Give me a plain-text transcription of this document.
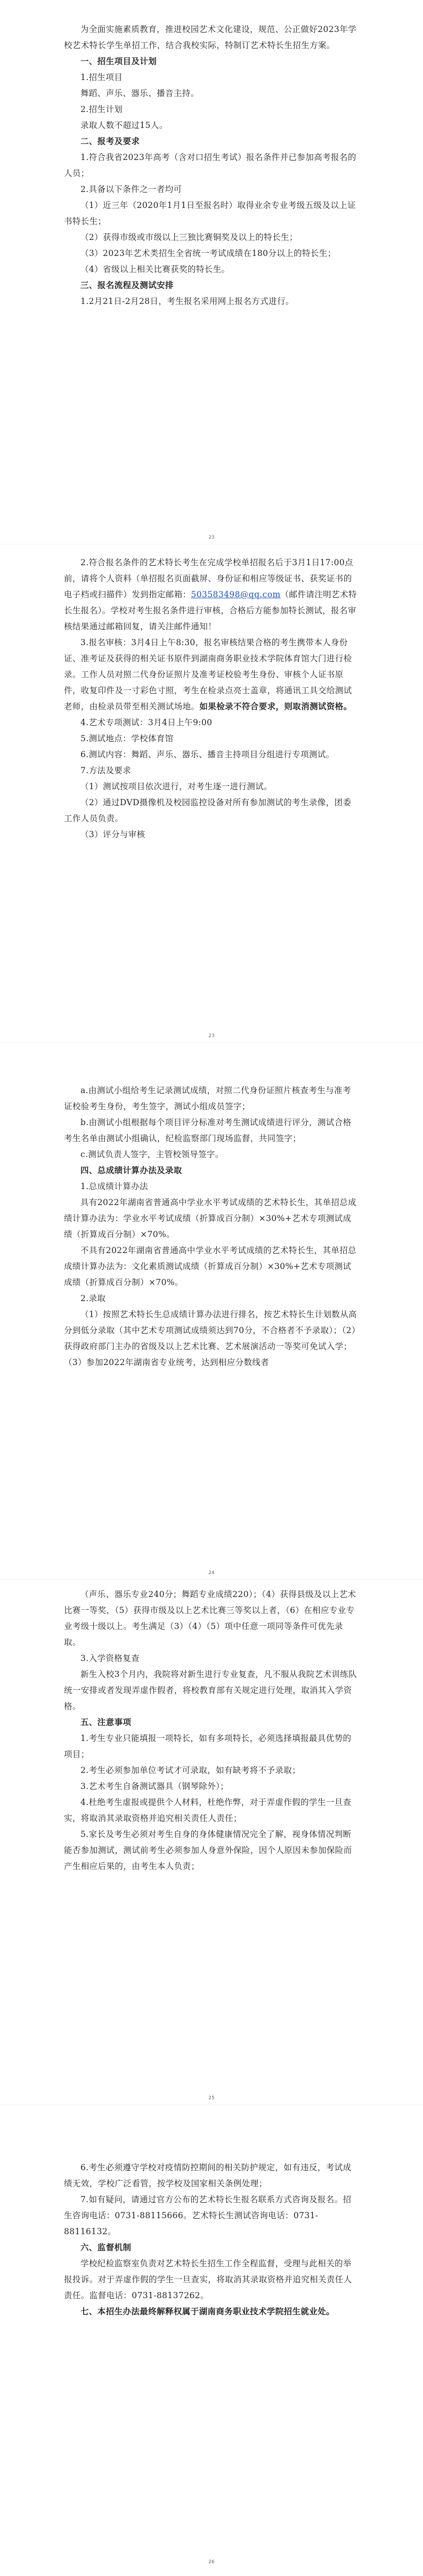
为全面实施素质教育，推进校园艺术文化建设，规范、公正做好2023年学校艺术特长学生单招工作，结合我校实际，特制订艺术特长生招生方案。

一、招生项目及计划

1.招生项目

舞蹈、声乐、器乐、播音主持。

2.招生计划

录取人数不超过15人。

二、报考及要求

1.符合我省2023年高考（含对口招生考试）报名条件并已参加高考报名的人员；

2.具备以下条件之一者均可

（1）近三年（2020年1月1日至报名时）取得业余专业考级五级及以上证书特长生；

（2）获得市级或市级以上三独比赛铜奖及以上的特长生；

（3）2023年艺术类招生全省统一考试成绩在180分以上的特长生；

（4）省级以上相关比赛获奖的特长生。

三、报名流程及测试安排

1.2月21日-2月28日，考生报名采用网上报名方式进行。

23

2.符合报名条件的艺术特长考生在完成学校单招报名后于3月1日17:00点前，请将个人资料（单招报名页面截屏、身份证和相应等级证书、获奖证书的电子档或扫描件）发到指定邮箱：503583498@qq.com（邮件请注明艺术特长生报名）。学校对考生报名条件进行审核，合格后方能参加特长测试，报名审核结果通过邮箱回复，请关注邮件通知！

3.报名审核：3月4日上午8:30，报名审核结果合格的考生携带本人身份证、准考证及获得的相关证书原件到湖南商务职业技术学院体育馆大门进行检录。工作人员对照二代身份证照片及准考证校验考生身份、审核个人证书原件，收复印件及一寸彩色寸照，考生在检录点亮士盖章，将通讯工具交给测试老师，由检录员带至相关测试场地。如果检录不符合要求，则取消测试资格。

4.艺术专项测试：3月4日上午9:00

5.测试地点：学校体育馆

6.测试内容：舞蹈、声乐、器乐、播音主持项目分组进行专项测试。

7.方法及要求

（1）测试按项目依次进行，对考生逐一进行测试。

（2）通过DVD摄像机及校园监控设备对所有参加测试的考生录像，团委工作人员负责。

（3）评分与审核

23

a.由测试小组给考生记录测试成绩，对照二代身份证照片核查考生与准考证校验考生身份，考生签字，测试小组成员签字；

b.由测试小组根据每个项目评分标准对考生测试成绩进行评分，测试合格考生名单由测试小组确认，纪检监察部门现场监督，共同签字；

c.测试负责人签字，主管校领导签字。

四、总成绩计算办法及录取

1.总成绩计算办法

具有2022年湖南省普通高中学业水平考试成绩的艺术特长生，其单招总成绩计算办法为：学业水平考试成绩（折算成百分制）×30%+艺术专项测试成绩（折算成百分制）×70%。

不具有2022年湖南省普通高中学业水平考试成绩的艺术特长生，其单招总成绩计算办法为：文化素质测试成绩（折算成百分制）×30%+艺术专项测试成绩（折算成百分制）×70%。

2.录取

（1）按照艺术特长生总成绩计算办法进行排名，按艺术特长生计划数从高分到低分录取（其中艺术专项测试成绩须达到70分，不合格者不予录取）；（2）获得政府部门主办的省级及以上艺术比赛、艺术展演活动一等奖可免试入学；（3）参加2022年湖南省专业统考，达到相应分数线者

24

（声乐、器乐专业240分；舞蹈专业成绩220）；（4）获得县级及以上艺术比赛一等奖，（5）获得市级及以上艺术比赛三等奖以上者，（6）在相应专业专业考级十级以上。考生满足（3）（4）（5）项中任意一项同等条件可优先录取。

3.入学资格复查

新生入校3个月内，我院将对新生进行专业复查，凡不服从我院艺术训练队统一安排或者发现弄虚作假者，将校教育部有关规定进行处理，取消其入学资格。

五、注意事项

1.考生专业只能填报一项特长，如有多项特长，必须选择填报最具优势的项目；

2.考生必须参加单位考试才可录取，如有缺考将不予录取；

3.艺术考生自备测试器具（钢琴除外）；

4.杜绝考生虚报或提供个人材料，杜绝作弊，对于弄虚作假的学生一旦查实，将取消其录取资格并追究相关责任人责任；

5.家长及考生必须对考生自身的身体健康情况完全了解，视身体情况判断能否参加测试，测试前考生必须参加人身意外保险，因个人原因未参加保险而产生相应后果的，由考生本人负责；

25

6.考生必须遵守学校对疫情防控期间的相关防护规定，如有违反，考试成绩无效，学校广泛看管，按学校及国家相关条例处理；

7.如有疑问，请通过官方公布的艺术特长生报名联系方式咨询及报名。招生咨询电话：0731-88115666。艺术特长生测试咨询电话：0731-88116132。

六、监督机制

学校纪检监察室负责对艺术特长生招生工作全程监督，受理与此相关的举报投诉。对于弄虚作假的学生一旦查实，将取消其录取资格并追究相关责任人责任。监督电话：0731-88137262。

七、本招生办法最终解释权属于湖南商务职业技术学院招生就业处。

26
